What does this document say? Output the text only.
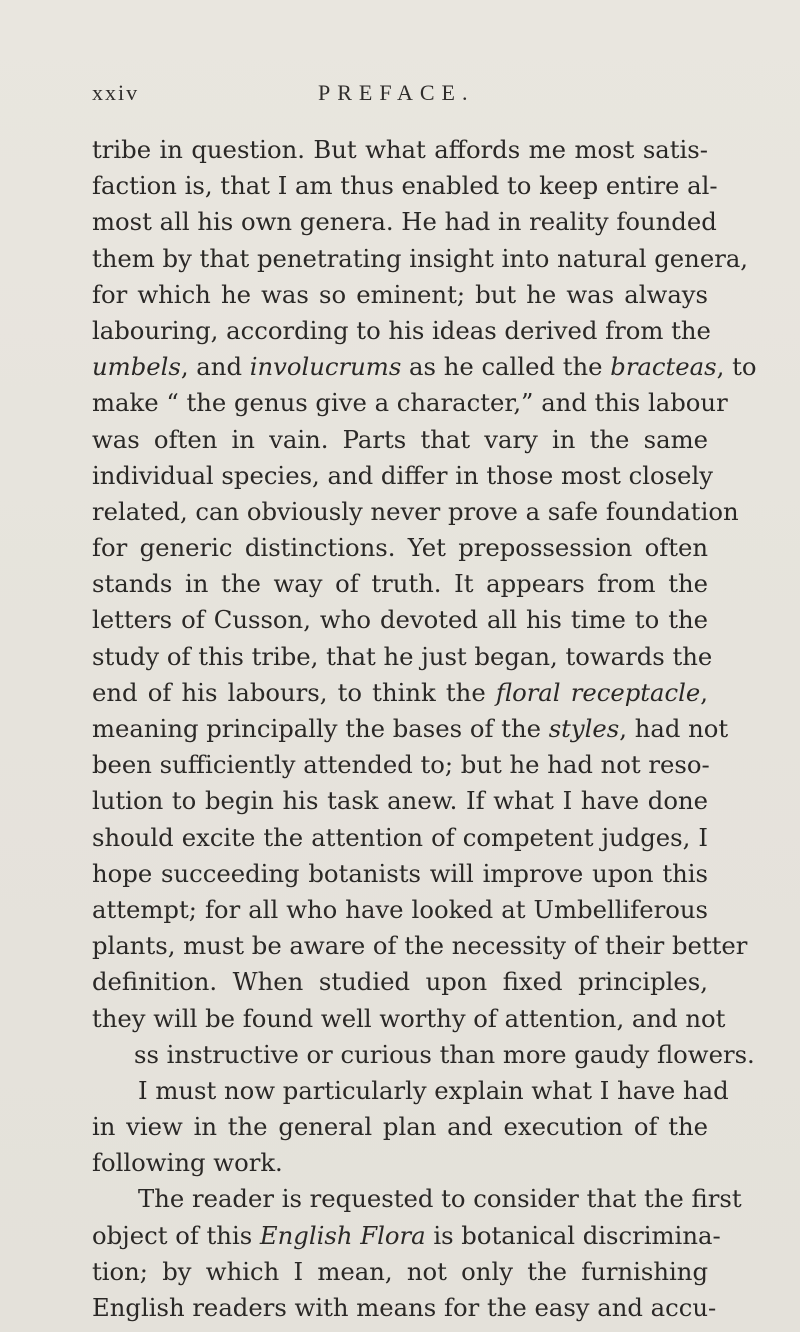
xxiv	PREFACE.
tribe in question. But what affords me most satis-
faction is, that I am thus enabled to keep entire al-
most all his own genera. He had in reality founded
them by that penetrating insight into natural genera,
for which he was so eminent; but he was always
labouring, according to his ideas derived from the
umbels, and involucrums as he called the bracteas, to
make “ the genus give a character,” and this labour
was often in vain. Parts that vary in the same
individual species, and differ in those most closely
related, can obviously never prove a safe foundation
for generic distinctions. Yet prepossession often
stands in the way of truth. It appears from the
letters of Cusson, who devoted all his time to the
study of this tribe, that he just began, towards the
end of his labours, to think the floral receptacle,
meaning principally the bases of the styles, had not
been sufficiently attended to; but he had not reso-
lution to begin his task anew. If what I have done
should excite the attention of competent judges, I
hope succeeding botanists will improve upon this
attempt; for all who have looked at Umbelliferous
plants, must be aware of the necessity of their better
definition. When studied upon fixed principles,
they will be found well worthy of attention, and not
ss instructive or curious than more gaudy flowers.
I must now particularly explain what I have had
in view in the general plan and execution of the
following work.
The reader is requested to consider that the first
object of this English Flora is botanical discrimina-
tion; by which I mean, not only the furnishing
English readers with means for the easy and accu-
